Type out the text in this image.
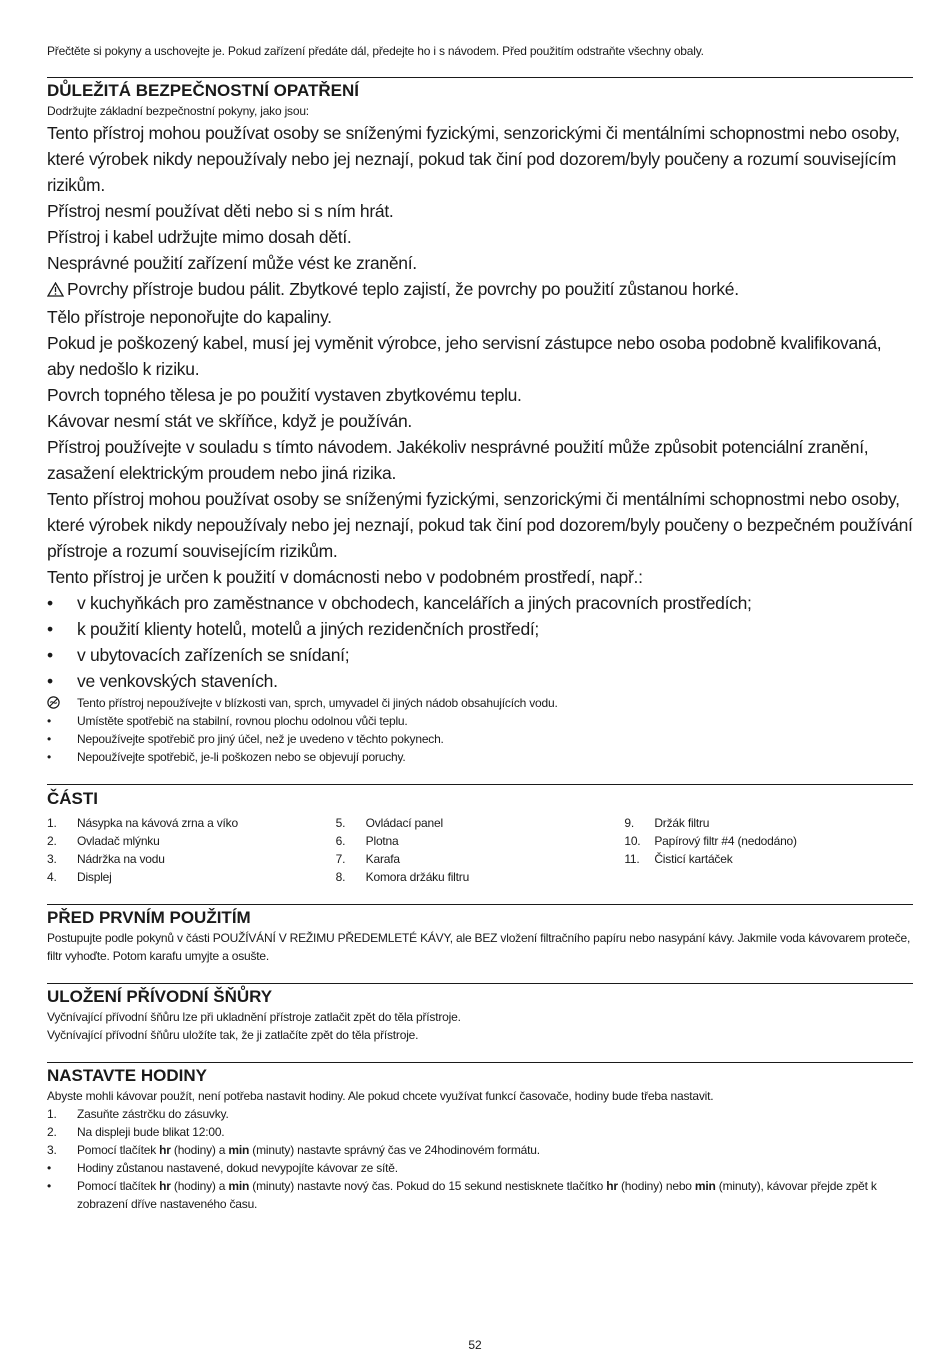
Přečtěte si pokyny a uschovejte je. Pokud zařízení předáte dál, předejte ho i s návodem. Před použitím odstraňte všechny obaly.

DŮLEŽITÁ BEZPEČNOSTNÍ OPATŘENÍ

Dodržujte základní bezpečnostní pokyny, jako jsou:

Tento přístroj mohou používat osoby se sníženými fyzickými, senzorickými či mentálními schopnostmi nebo osoby, které výrobek nikdy nepoužívaly nebo jej neznají, pokud tak činí pod dozorem/byly poučeny a rozumí souvisejícím rizikům.

Přístroj nesmí používat děti nebo si s ním hrát.

Přístroj i kabel udržujte mimo dosah dětí.

Nesprávné použití zařízení může vést ke zranění.

Povrchy přístroje budou pálit. Zbytkové teplo zajistí, že povrchy po použití zůstanou horké.

Tělo přístroje neponořujte do kapaliny.

Pokud je poškozený kabel, musí jej vyměnit výrobce, jeho servisní zástupce nebo osoba podobně kvalifikovaná, aby nedošlo k riziku.

Povrch topného tělesa je po použití vystaven zbytkovému teplu.

Kávovar nesmí stát ve skříňce, když je používán.

Přístroj používejte v souladu s tímto návodem. Jakékoliv nesprávné použití může způsobit potenciální zranění, zasažení elektrickým proudem nebo jiná rizika.

Tento přístroj mohou používat osoby se sníženými fyzickými, senzorickými či mentálními schopnostmi nebo osoby, které výrobek nikdy nepoužívaly nebo jej neznají, pokud tak činí pod dozorem/byly poučeny o bezpečném používání přístroje a rozumí souvisejícím rizikům.

Tento přístroj je určen k použití v domácnosti nebo v podobném prostředí, např.:

•	v kuchyňkách pro zaměstnance v obchodech, kancelářích a jiných pracovních prostředích;
•	k použití klienty hotelů, motelů a jiných rezidenčních prostředí;
•	v ubytovacích zařízeních se snídaní;
•	ve venkovských staveních.
Tento přístroj nepoužívejte v blízkosti van, sprch, umyvadel či jiných nádob obsahujících vodu.
•	Umístěte spotřebič na stabilní, rovnou plochu odolnou vůči teplu.
•	Nepoužívejte spotřebič pro jiný účel, než je uvedeno v těchto pokynech.
•	Nepoužívejte spotřebič, je-li poškozen nebo se objevují poruchy.
ČÁSTI
1. Násypka na kávová zrna a víko
2. Ovladač mlýnku
3. Nádržka na vodu
4. Displej
5. Ovládací panel
6. Plotna
7. Karafa
8. Komora držáku filtru
9. Držák filtru
10. Papírový filtr #4 (nedodáno)
11. Čisticí kartáček
PŘED PRVNÍM POUŽITÍM

Postupujte podle pokynů v části POUŽÍVÁNÍ V REŽIMU PŘEDEMLETÉ KÁVY, ale BEZ vložení filtračního papíru nebo nasypání kávy. Jakmile voda kávovarem proteče, filtr vyhoďte. Potom karafu umyjte a osušte.

ULOŽENÍ PŘÍVODNÍ ŠŇŮRY

Vyčnívající přívodní šňůru lze při ukladnění přístroje zatlačit zpět do těla přístroje.

Vyčnívající přívodní šňůru uložíte tak, že ji zatlačíte zpět do těla přístroje.

NASTAVTE HODINY

Abyste mohli kávovar použít, není potřeba nastavit hodiny. Ale pokud chcete využívat funkcí časovače, hodiny bude třeba nastavit.

1.	Zasuňte zástrčku do zásuvky.
2.	Na displeji bude blikat 12:00.
3.	Pomocí tlačítek hr (hodiny) a min (minuty) nastavte správný čas ve 24hodinovém formátu.
•	Hodiny zůstanou nastavené, dokud nevypojíte kávovar ze sítě.
•	Pomocí tlačítek hr (hodiny) a min (minuty) nastavte nový čas. Pokud do 15 sekund nestisknete tlačítko hr (hodiny) nebo min (minuty), kávovar přejde zpět k zobrazení dříve nastaveného času.
52
